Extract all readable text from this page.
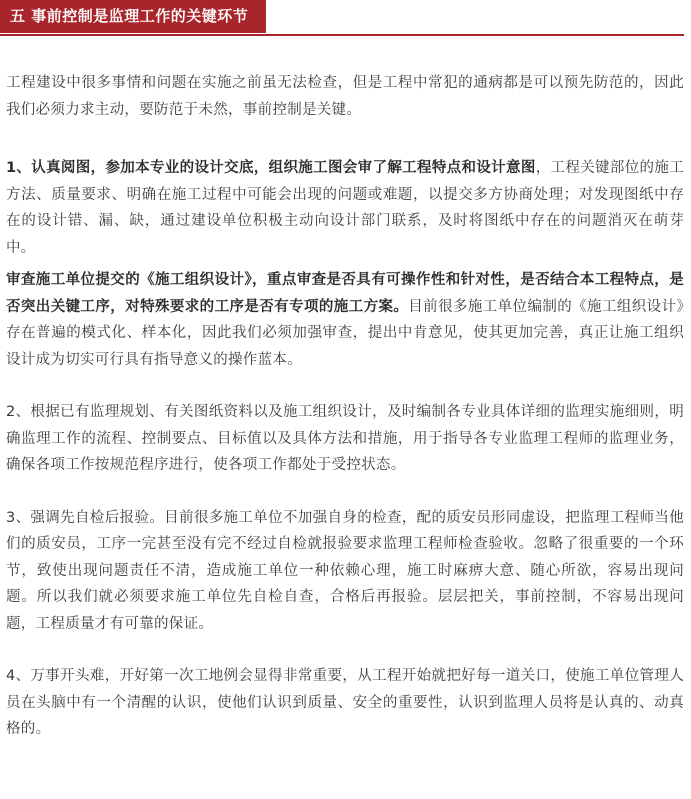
五 事前控制是监理工作的关键环节

工程建设中很多事情和问题在实施之前虽无法检查，但是工程中常犯的通病都是可以预先防范的，因此我们必须力求主动，要防范于未然，事前控制是关键。

1、认真阅图，参加本专业的设计交底，组织施工图会审了解工程特点和设计意图，工程关键部位的施工方法、质量要求、明确在施工过程中可能会出现的问题或难题，以提交多方协商处理；对发现图纸中存在的设计错、漏、缺，通过建设单位积极主动向设计部门联系，及时将图纸中存在的问题消灭在萌芽中。

审查施工单位提交的《施工组织设计》，重点审查是否具有可操作性和针对性，是否结合本工程特点，是否突出关键工序，对特殊要求的工序是否有专项的施工方案。目前很多施工单位编制的《施工组织设计》存在普遍的模式化、样本化，因此我们必须加强审查，提出中肯意见，使其更加完善，真正让施工组织设计成为切实可行具有指导意义的操作蓝本。

2、根据已有监理规划、有关图纸资料以及施工组织设计，及时编制各专业具体详细的监理实施细则，明确监理工作的流程、控制要点、目标值以及具体方法和措施，用于指导各专业监理工程师的监理业务，确保各项工作按规范程序进行，使各项工作都处于受控状态。

3、强调先自检后报验。目前很多施工单位不加强自身的检查，配的质安员形同虚设，把监理工程师当他们的质安员，工序一完甚至没有完不经过自检就报验要求监理工程师检查验收。忽略了很重要的一个环节，致使出现问题责任不清，造成施工单位一种依赖心理，施工时麻痹大意、随心所欲，容易出现问题。所以我们就必须要求施工单位先自检自查，合格后再报验。层层把关，事前控制，不容易出现问题，工程质量才有可靠的保证。

4、万事开头难，开好第一次工地例会显得非常重要，从工程开始就把好每一道关口，使施工单位管理人员在头脑中有一个清醒的认识，使他们认识到质量、安全的重要性，认识到监理人员将是认真的、动真格的。
